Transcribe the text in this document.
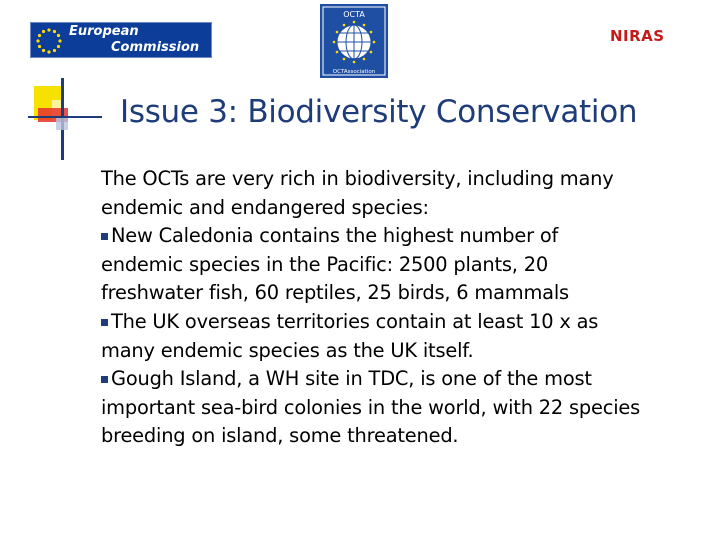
European
Commission
OCTA
OCTAssociation
NIRAS
Issue 3: Biodiversity Conservation

The OCTs are very rich in biodiversity, including many

endemic and endangered species:

New Caledonia contains the highest number of

endemic species in the Pacific: 2500 plants, 20

freshwater fish, 60 reptiles, 25 birds, 6 mammals

The UK overseas territories contain at least 10 x as

many endemic species as the UK itself.

Gough Island, a WH site in TDC, is one of the most

important sea-bird colonies in the world, with 22 species

breeding on island, some threatened.
